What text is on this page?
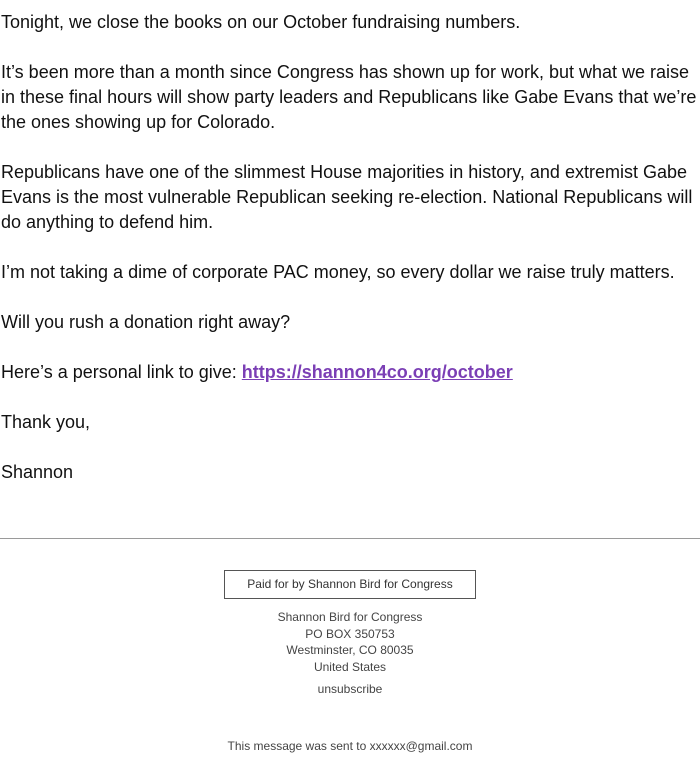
Tonight, we close the books on our October fundraising numbers.

It’s been more than a month since Congress has shown up for work, but what we raise in these final hours will show party leaders and Republicans like Gabe Evans that we’re the ones showing up for Colorado.

Republicans have one of the slimmest House majorities in history, and extremist Gabe Evans is the most vulnerable Republican seeking re-election. National Republicans will do anything to defend him.

I’m not taking a dime of corporate PAC money, so every dollar we raise truly matters.

Will you rush a donation right away?

Here’s a personal link to give: https://shannon4co.org/october

Thank you,

Shannon

Paid for by Shannon Bird for Congress
Shannon Bird for Congress
PO BOX 350753
Westminster, CO 80035
United States
unsubscribe
This message was sent to xxxxxx@gmail.com
